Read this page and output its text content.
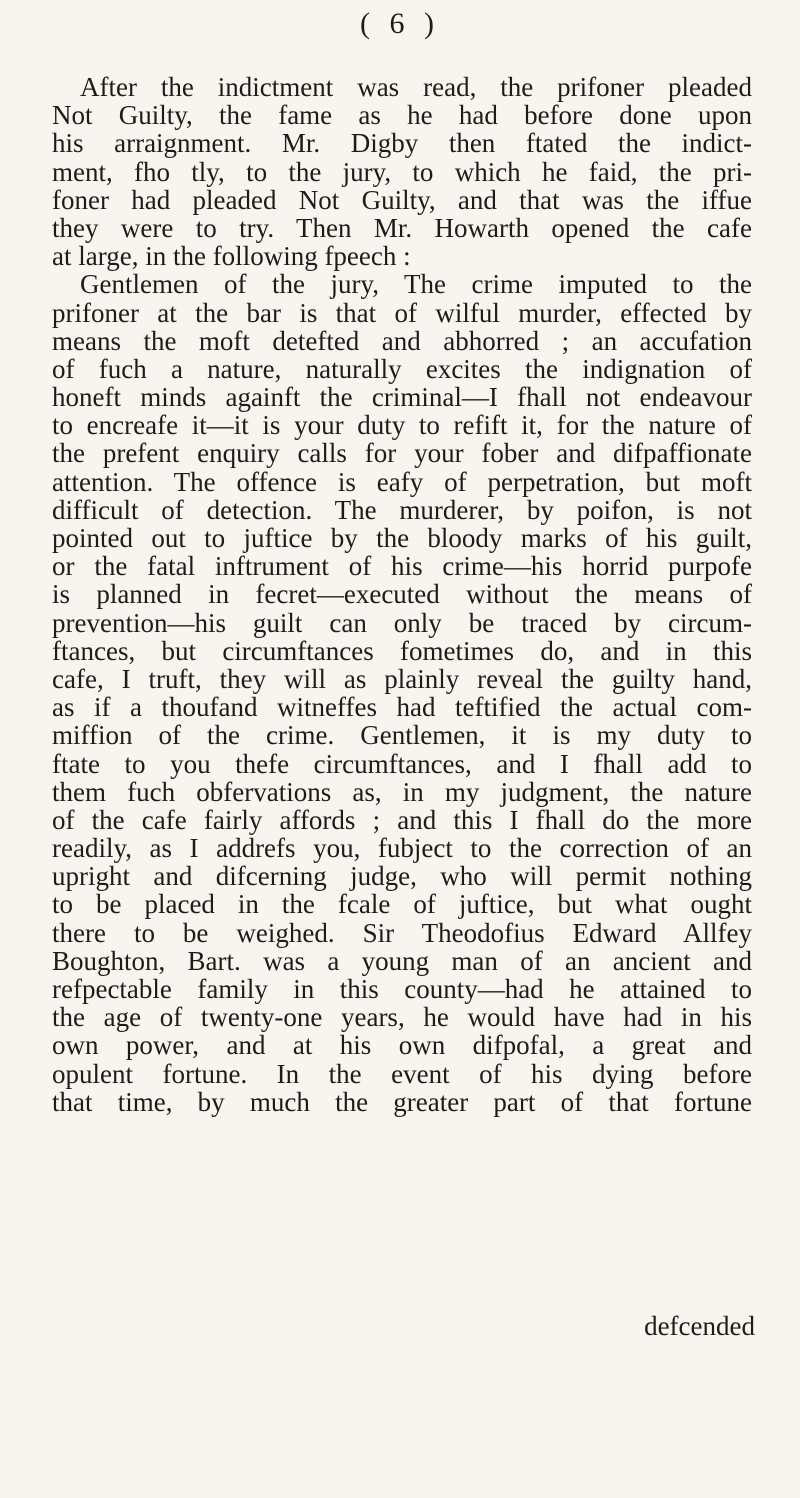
( 6 )
After the indictment was read, the prifoner pleaded
Not Guilty, the fame as he had before done upon
his arraignment. Mr. Digby then ftated the indict-
ment, fho tly, to the jury, to which he faid, the pri-
foner had pleaded Not Guilty, and that was the iffue
they were to try. Then Mr. Howarth opened the cafe
at large, in the following fpeech :
Gentlemen of the jury, The crime imputed to the
prifoner at the bar is that of wilful murder, effected by
means the moft detefted and abhorred ; an accufation
of fuch a nature, naturally excites the indignation of
honeft minds againft the criminal—I fhall not endeavour
to encreafe it—it is your duty to refift it, for the nature of
the prefent enquiry calls for your fober and difpaffionate
attention. The offence is eafy of perpetration, but moft
difficult of detection. The murderer, by poifon, is not
pointed out to juftice by the bloody marks of his guilt,
or the fatal inftrument of his crime—his horrid purpofe
is planned in fecret—executed without the means of
prevention—his guilt can only be traced by circum-
ftances, but circumftances fometimes do, and in this
cafe, I truft, they will as plainly reveal the guilty hand,
as if a thoufand witneffes had teftified the actual com-
miffion of the crime. Gentlemen, it is my duty to
ftate to you thefe circumftances, and I fhall add to
them fuch obfervations as, in my judgment, the nature
of the cafe fairly affords ; and this I fhall do the more
readily, as I addrefs you, fubject to the correction of an
upright and difcerning judge, who will permit nothing
to be placed in the fcale of juftice, but what ought
there to be weighed. Sir Theodofius Edward Allfey
Boughton, Bart. was a young man of an ancient and
refpectable family in this county—had he attained to
the age of twenty-one years, he would have had in his
own power, and at his own difpofal, a great and
opulent fortune. In the event of his dying before
that time, by much the greater part of that fortune
defcended
